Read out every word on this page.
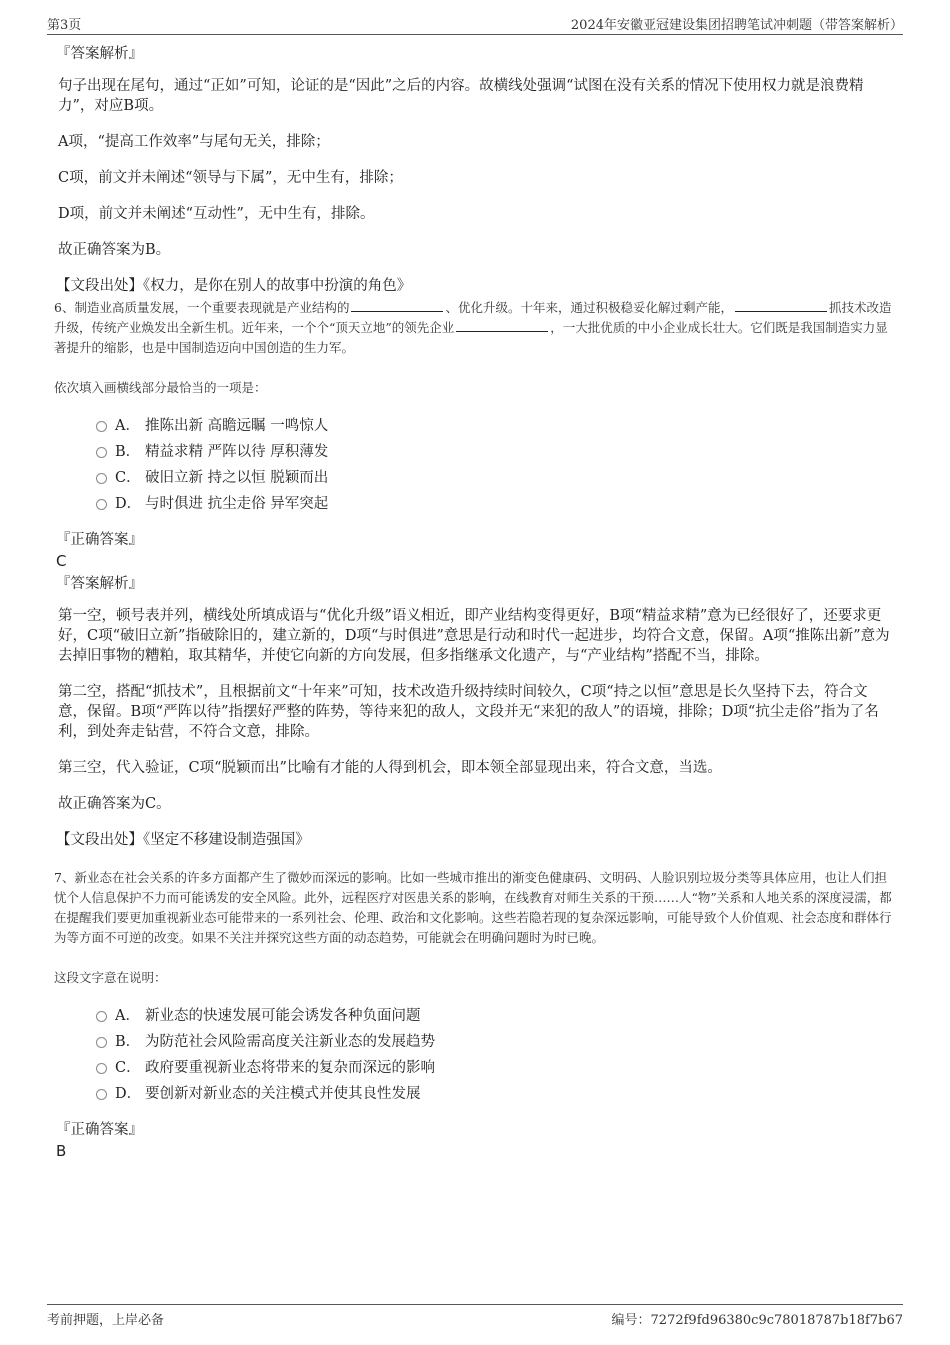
第3页	2024年安徽亚冠建设集团招聘笔试冲刺题（带答案解析）
『答案解析』

句子出现在尾句，通过“正如”可知，论证的是“因此”之后的内容。故横线处强调“试图在没有关系的情况下使用权力就是浪费精力”，对应B项。

A项，“提高工作效率”与尾句无关，排除；

C项，前文并未阐述“领导与下属”，无中生有，排除；

D项，前文并未阐述“互动性”，无中生有，排除。

故正确答案为B。

【文段出处】《权力，是你在别人的故事中扮演的角色》

6、制造业高质量发展，一个重要表现就是产业结构的	、优化升级。十年来，通过积极稳妥化解过剩产能，	抓技术改造升级，传统产业焕发出全新生机。近年来，一个个“顶天立地”的领先企业	，一大批优质的中小企业成长壮大。它们既是我国制造实力显著提升的缩影，也是中国制造迈向中国创造的生力军。
依次填入画横线部分最恰当的一项是：
A． 推陈出新 高瞻远瞩 一鸣惊人
B． 精益求精 严阵以待 厚积薄发
C． 破旧立新 持之以恒 脱颖而出
D． 与时俱进 抗尘走俗 异军突起
『正确答案』
C
『答案解析』

第一空，顿号表并列，横线处所填成语与“优化升级”语义相近，即产业结构变得更好，B项“精益求精”意为已经很好了，还要求更好，C项“破旧立新”指破除旧的，建立新的，D项“与时俱进”意思是行动和时代一起进步，均符合文意，保留。A项“推陈出新”意为去掉旧事物的糟粕，取其精华，并使它向新的方向发展，但多指继承文化遗产，与“产业结构”搭配不当，排除。

第二空，搭配“抓技术”，且根据前文“十年来”可知，技术改造升级持续时间较久，C项“持之以恒”意思是长久坚持下去，符合文意，保留。B项“严阵以待”指摆好严整的阵势，等待来犯的敌人，文段并无“来犯的敌人”的语境，排除；D项“抗尘走俗”指为了名利，到处奔走钻营，不符合文意，排除。

第三空，代入验证，C项“脱颖而出”比喻有才能的人得到机会，即本领全部显现出来，符合文意，当选。

故正确答案为C。

【文段出处】《坚定不移建设制造强国》

7、新业态在社会关系的许多方面都产生了微妙而深远的影响。比如一些城市推出的渐变色健康码、文明码、人脸识别垃圾分类等具体应用，也让人们担忧个人信息保护不力而可能诱发的安全风险。此外，远程医疗对医患关系的影响，在线教育对师生关系的干预……人“物”关系和人地关系的深度浸濡，都在提醒我们要更加重视新业态可能带来的一系列社会、伦理、政治和文化影响。这些若隐若现的复杂深远影响，可能导致个人价值观、社会态度和群体行为等方面不可逆的改变。如果不关注并探究这些方面的动态趋势，可能就会在明确问题时为时已晚。
这段文字意在说明：
A． 新业态的快速发展可能会诱发各种负面问题
B． 为防范社会风险需高度关注新业态的发展趋势
C． 政府要重视新业态将带来的复杂而深远的影响
D． 要创新对新业态的关注模式并使其良性发展
『正确答案』
B
考前押题，上岸必备	编号：7272f9fd96380c9c78018787b18f7b67
